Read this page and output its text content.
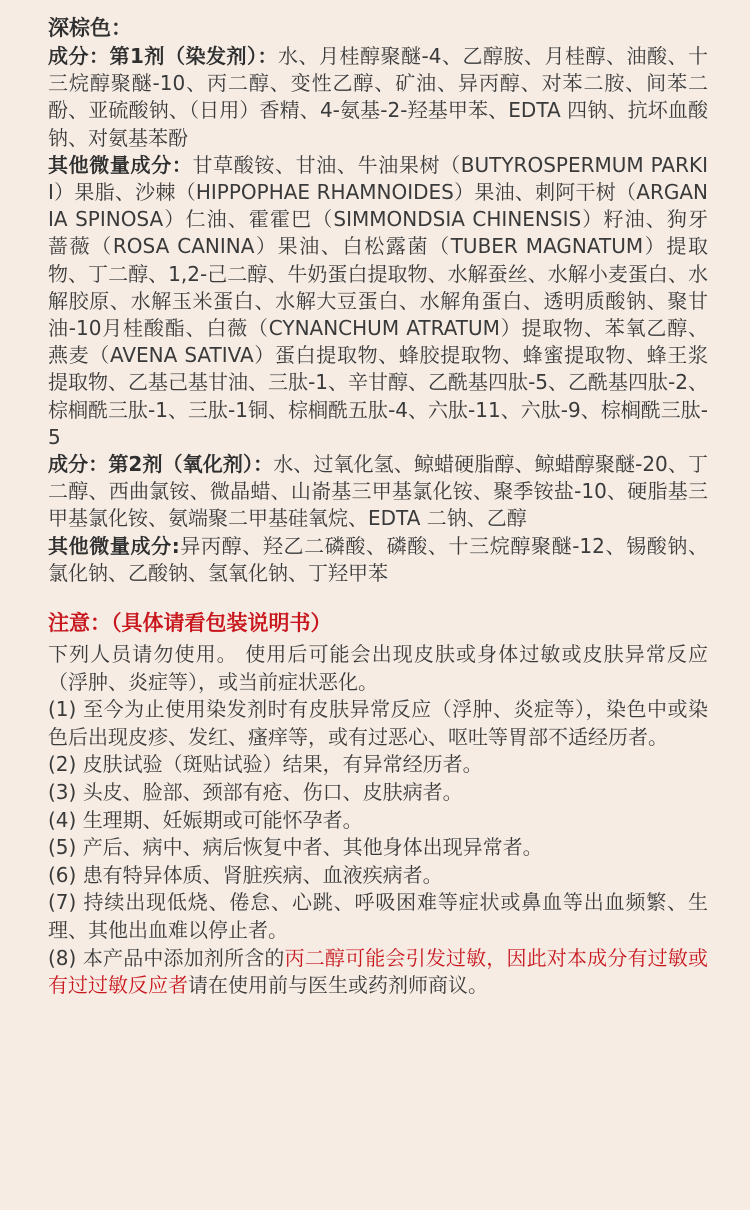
深棕色：

成分：第1剂（染发剂）：水、月桂醇聚醚-4、乙醇胺、月桂醇、油酸、十三烷醇聚醚-10、丙二醇、变性乙醇、矿油、异丙醇、对苯二胺、间苯二酚、亚硫酸钠、（日用）香精、4-氨基-2-羟基甲苯、EDTA 四钠、抗坏血酸钠、对氨基苯酚

其他微量成分：甘草酸铵、甘油、牛油果树（BUTYROSPERMUM PARKII）果脂、沙棘（HIPPOPHAE RHAMNOIDES）果油、刺阿干树（ARGANIA SPINOSA）仁油、霍霍巴（SIMMONDSIA CHINENSIS）籽油、狗牙蔷薇（ROSA CANINA）果油、白松露菌（TUBER MAGNATUM）提取物、丁二醇、1,2-己二醇、牛奶蛋白提取物、水解蚕丝、水解小麦蛋白、水解胶原、水解玉米蛋白、水解大豆蛋白、水解角蛋白、透明质酸钠、聚甘油-10月桂酸酯、白薇（CYNANCHUM ATRATUM）提取物、苯氧乙醇、燕麦（AVENA SATIVA）蛋白提取物、蜂胶提取物、蜂蜜提取物、蜂王浆提取物、乙基己基甘油、三肽-1、辛甘醇、乙酰基四肽-5、乙酰基四肽-2、棕榈酰三肽-1、三肽-1铜、棕榈酰五肽-4、六肽-11、六肽-9、棕榈酰三肽-5

成分：第2剂（氧化剂）：水、过氧化氢、鲸蜡硬脂醇、鲸蜡醇聚醚-20、丁二醇、西曲氯铵、微晶蜡、山嵛基三甲基氯化铵、聚季铵盐-10、硬脂基三甲基氯化铵、氨端聚二甲基硅氧烷、EDTA 二钠、乙醇

其他微量成分:异丙醇、羟乙二磷酸、磷酸、十三烷醇聚醚-12、锡酸钠、氯化钠、乙酸钠、氢氧化钠、丁羟甲苯

注意：（具体请看包装说明书）

下列人员请勿使用。 使用后可能会出现皮肤或身体过敏或皮肤异常反应（浮肿、炎症等），或当前症状恶化。

(1) 至今为止使用染发剂时有皮肤异常反应（浮肿、炎症等），染色中或染色后出现皮疹、发红、瘙痒等，或有过恶心、呕吐等胃部不适经历者。

(2) 皮肤试验（斑贴试验）结果，有异常经历者。

(3) 头皮、脸部、颈部有疮、伤口、皮肤病者。

(4) 生理期、妊娠期或可能怀孕者。

(5) 产后、病中、病后恢复中者、其他身体出现异常者。

(6) 患有特异体质、肾脏疾病、血液疾病者。

(7) 持续出现低烧、倦怠、心跳、呼吸困难等症状或鼻血等出血频繁、生理、其他出血难以停止者。

(8) 本产品中添加剂所含的丙二醇可能会引发过敏，因此对本成分有过敏或有过过敏反应者请在使用前与医生或药剂师商议。
